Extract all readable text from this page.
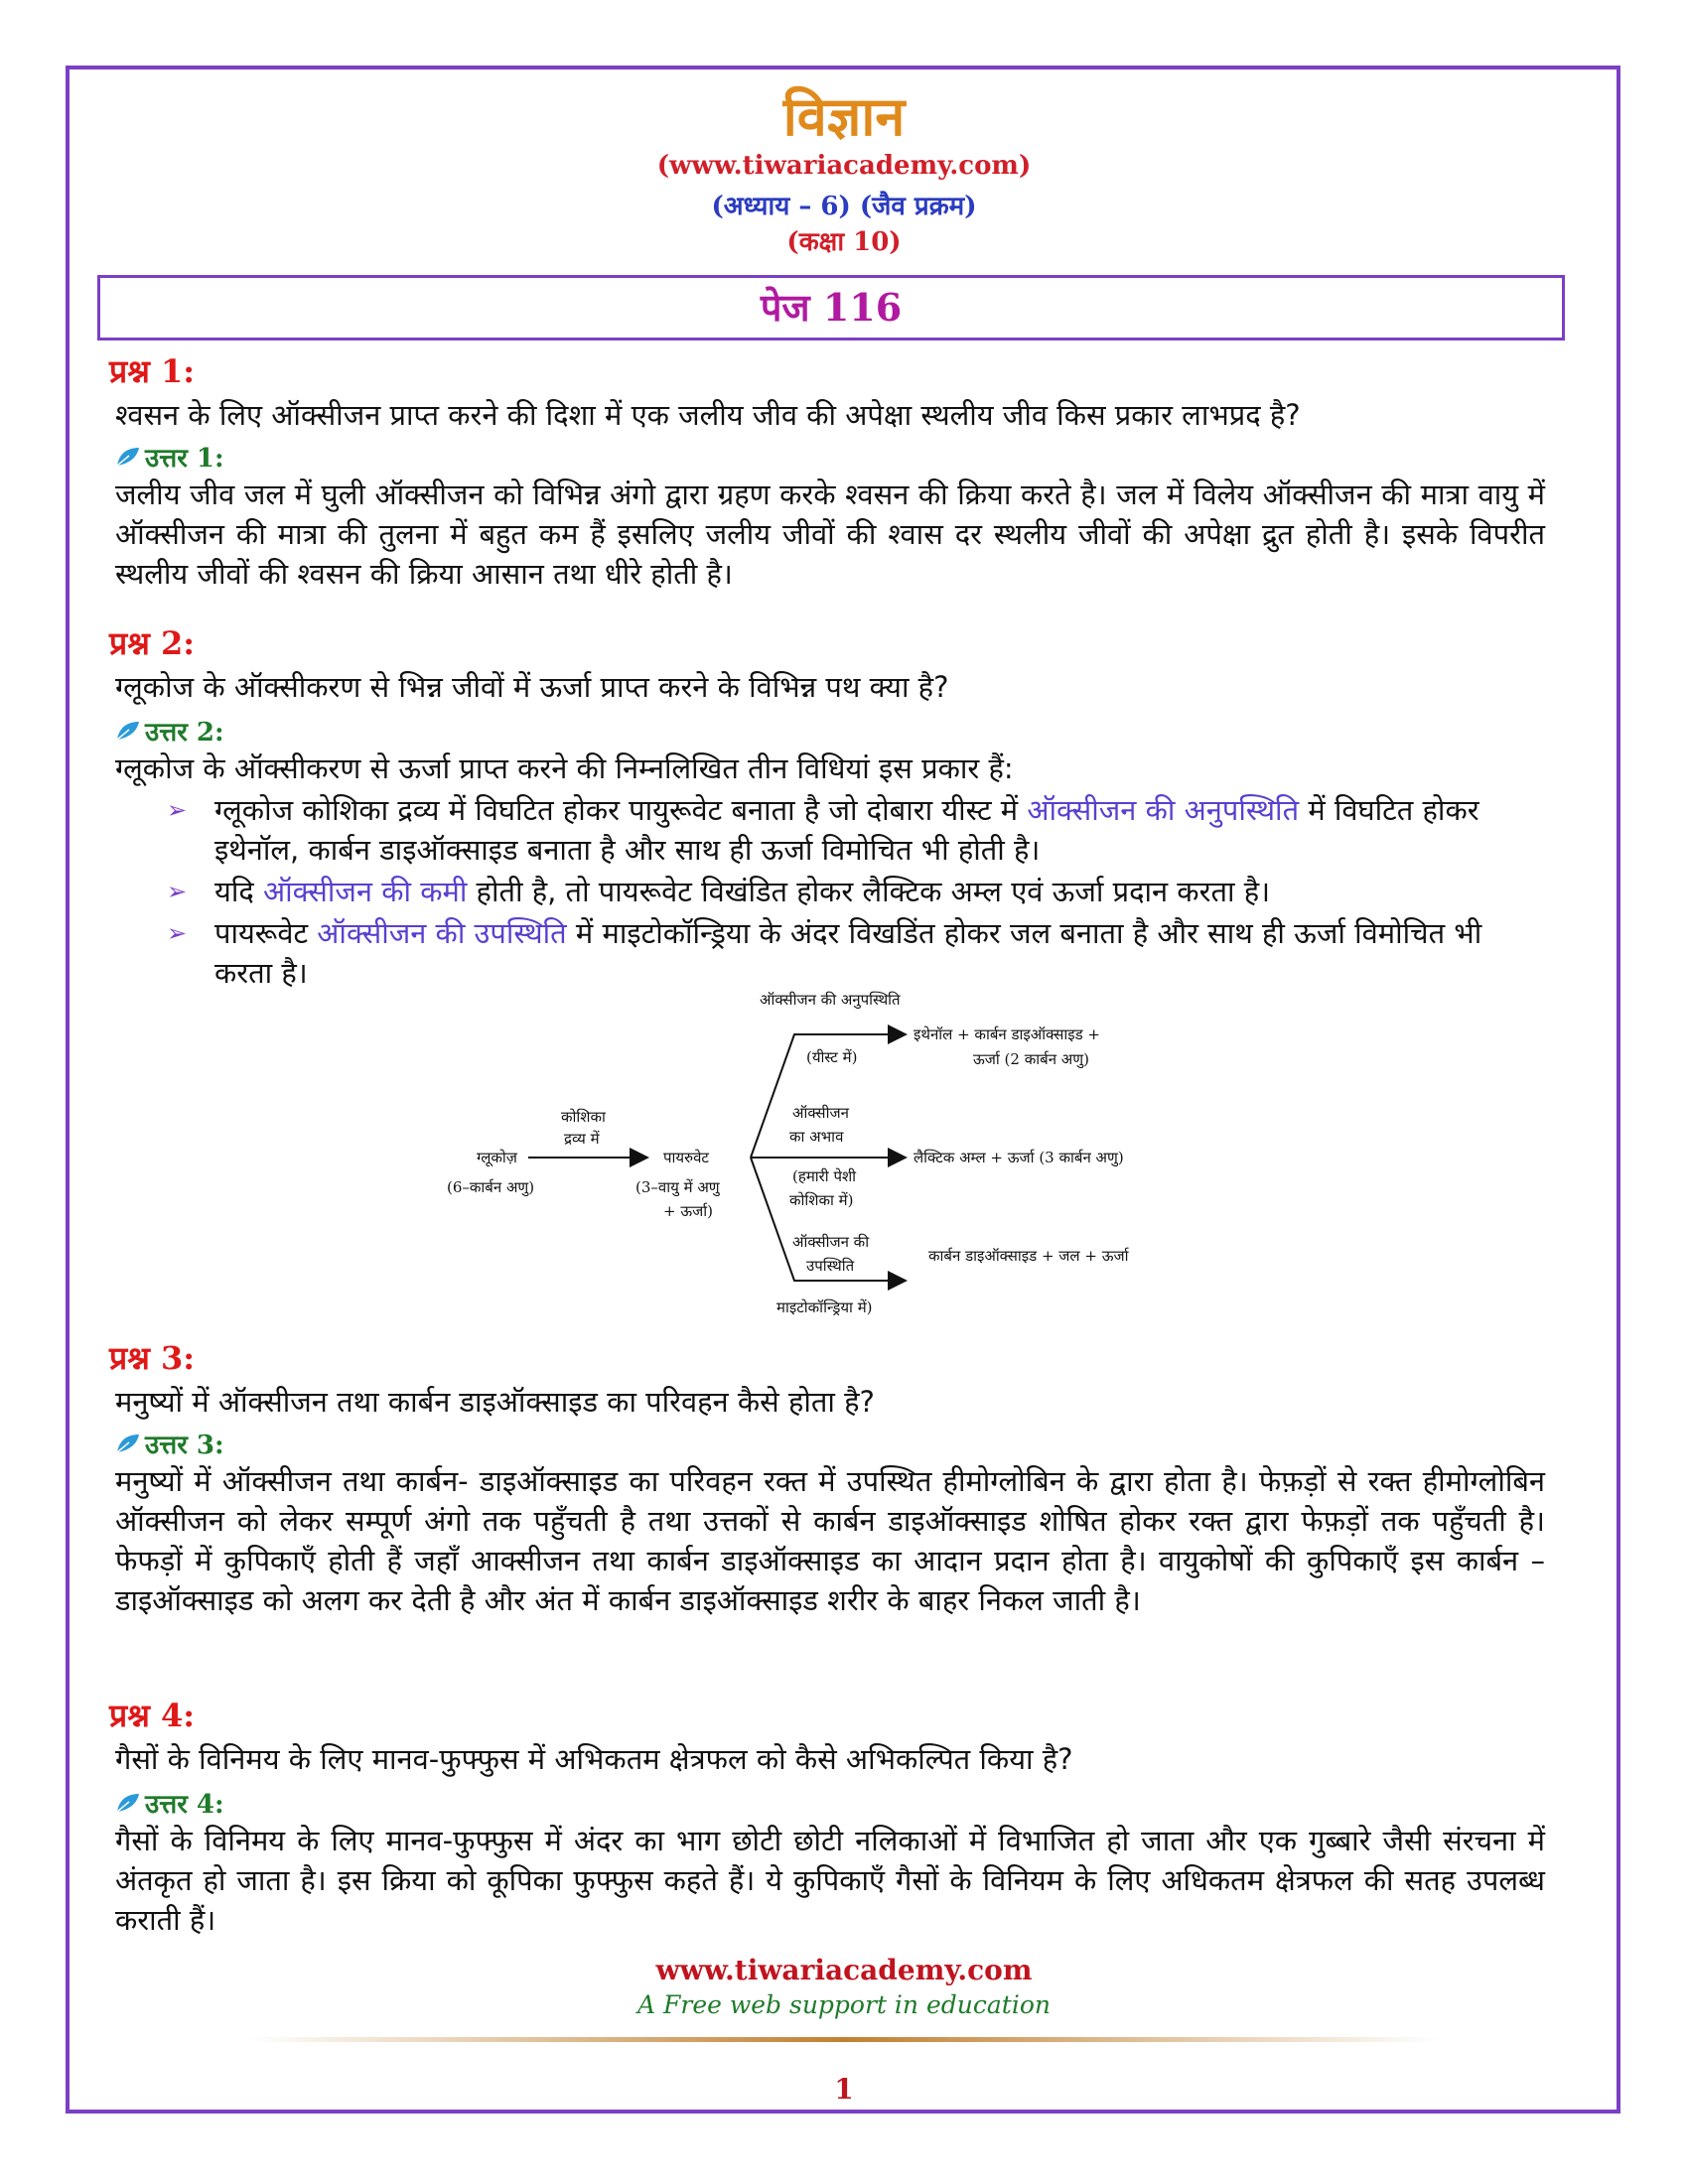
विज्ञान
(www.tiwariacademy.com)
(अध्याय – 6) (जैव प्रक्रम)
(कक्षा 10)
पेज 116
प्रश्न 1:
श्वसन के लिए ऑक्सीजन प्राप्त करने की दिशा में एक जलीय जीव की अपेक्षा स्थलीय जीव किस प्रकार लाभप्रद है?
उत्तर 1:
जलीय जीव जल में घुली ऑक्सीजन को विभिन्न अंगो द्वारा ग्रहण करके श्वसन की क्रिया करते है। जल में विलेय ऑक्सीजन की मात्रा वायु में ऑक्सीजन की मात्रा की तुलना में बहुत कम हैं इसलिए जलीय जीवों की श्वास दर स्थलीय जीवों की अपेक्षा द्रुत होती है। इसके विपरीत स्थलीय जीवों की श्वसन की क्रिया आसान तथा धीरे होती है।
प्रश्न 2:
ग्लूकोज के ऑक्सीकरण से भिन्न जीवों में ऊर्जा प्राप्त करने के विभिन्न पथ क्या है?
उत्तर 2:
ग्लूकोज के ऑक्सीकरण से ऊर्जा प्राप्त करने की निम्नलिखित तीन विधियां इस प्रकार हैं:
➢ ग्लूकोज कोशिका द्रव्य में विघटित होकर पायुरूवेट बनाता है जो दोबारा यीस्ट में ऑक्सीजन की अनुपस्थिति में विघटित होकर इथेनॉल, कार्बन डाइऑक्साइड बनाता है और साथ ही ऊर्जा विमोचित भी होती है।
➢ यदि ऑक्सीजन की कमी होती है, तो पायरूवेट विखंडित होकर लैक्टिक अम्ल एवं ऊर्जा प्रदान करता है।
➢ पायरूवेट ऑक्सीजन की उपस्थिति में माइटोकॉन्ड्रिया के अंदर विखडिंत होकर जल बनाता है और साथ ही ऊर्जा विमोचित भी करता है।
ग्लूकोज़
(6–कार्बन अणु)
कोशिका
द्रव्य में
पायरुवेट
(3–वायु में अणु
+ ऊर्जा)
ऑक्सीजन की अनुपस्थिति
(यीस्ट में)
इथेनॉल + कार्बन डाइऑक्साइड +
ऊर्जा (2 कार्बन अणु)
ऑक्सीजन
का अभाव
(हमारी पेशी
कोशिका में)
लैक्टिक अम्ल + ऊर्जा (3 कार्बन अणु)
ऑक्सीजन की
उपस्थिति
माइटोकॉन्ड्रिया में)
कार्बन डाइऑक्साइड + जल + ऊर्जा
प्रश्न 3:
मनुष्यों में ऑक्सीजन तथा कार्बन डाइऑक्साइड का परिवहन कैसे होता है?
उत्तर 3:
मनुष्यों में ऑक्सीजन तथा कार्बन- डाइऑक्साइड का परिवहन रक्त में उपस्थित हीमोग्लोबिन के द्वारा होता है। फेफ़ड़ों से रक्त हीमोग्लोबिन ऑक्सीजन को लेकर सम्पूर्ण अंगो तक पहुँचती है तथा उत्तकों से कार्बन डाइऑक्साइड शोषित होकर रक्त द्वारा फेफ़ड़ों तक पहुँचती है। फेफड़ों में कुपिकाएँ होती हैं जहाँ आक्सीजन तथा कार्बन डाइऑक्साइड का आदान प्रदान होता है। वायुकोषों की कुपिकाएँ इस कार्बन – डाइऑक्साइड को अलग कर देती है और अंत में कार्बन डाइऑक्साइड शरीर के बाहर निकल जाती है।
प्रश्न 4:
गैसों के विनिमय के लिए मानव-फुफ्फुस में अभिकतम क्षेत्रफल को कैसे अभिकल्पित किया है?
उत्तर 4:
गैसों के विनिमय के लिए मानव-फुफ्फुस में अंदर का भाग छोटी छोटी नलिकाओं में विभाजित हो जाता और एक गुब्बारे जैसी संरचना में अंतकृत हो जाता है। इस क्रिया को कूपिका फुफ्फुस कहते हैं। ये कुपिकाएँ गैसों के विनियम के लिए अधिकतम क्षेत्रफल की सतह उपलब्ध कराती हैं।
www.tiwariacademy.com
A Free web support in education
1
